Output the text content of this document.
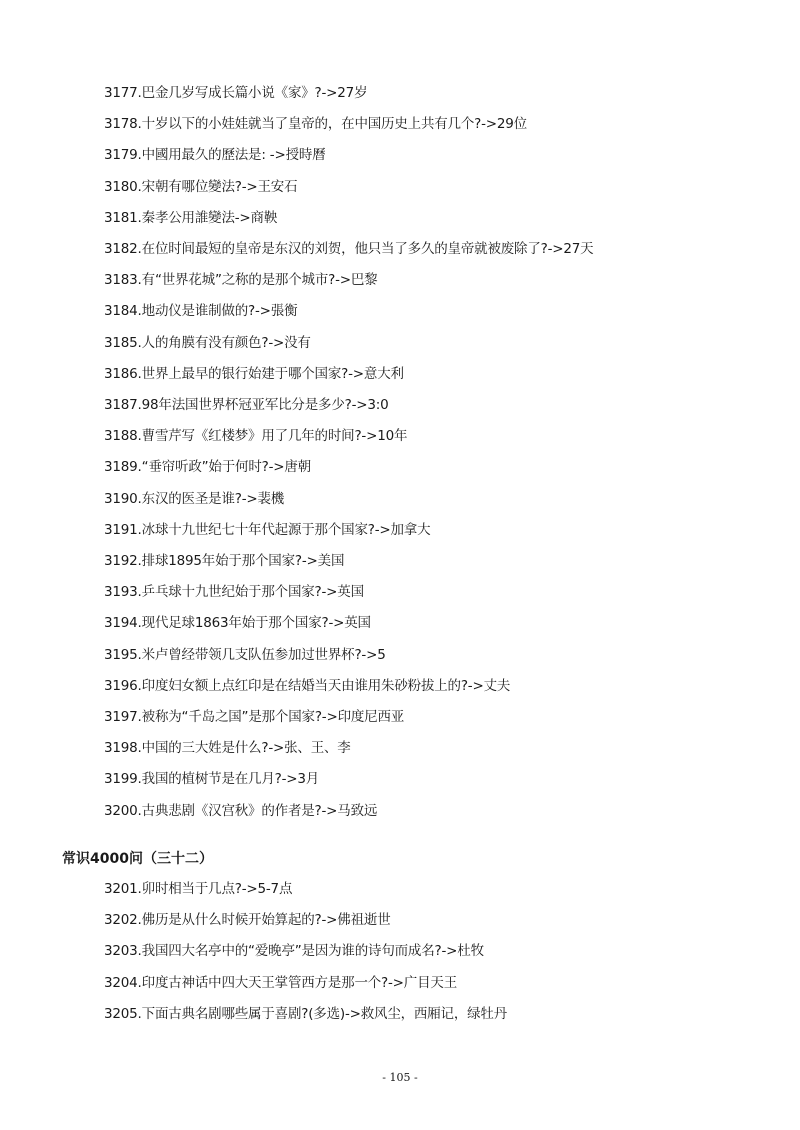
3177.巴金几岁写成长篇小说《家》?->27岁
3178.十岁以下的小娃娃就当了皇帝的，在中国历史上共有几个?->29位
3179.中國用最久的歷法是: ->授時曆
3180.宋朝有哪位變法?->王安石
3181.秦孝公用誰變法->商鞅
3182.在位时间最短的皇帝是东汉的刘贺，他只当了多久的皇帝就被废除了?->27天
3183.有“世界花城”之称的是那个城市?->巴黎
3184.地动仪是谁制做的?->張衡
3185.人的角膜有没有颜色?->没有
3186.世界上最早的银行始建于哪个国家?->意大利
3187.98年法国世界杯冠亚军比分是多少?->3:0
3188.曹雪芹写《红楼梦》用了几年的时间?->10年
3189.“垂帘听政”始于何时?->唐朝
3190.东汉的医圣是谁?->裴機
3191.冰球十九世纪七十年代起源于那个国家?->加拿大
3192.排球1895年始于那个国家?->美国
3193.乒乓球十九世纪始于那个国家?->英国
3194.现代足球1863年始于那个国家?->英国
3195.米卢曾经带领几支队伍参加过世界杯?->5
3196.印度妇女额上点红印是在结婚当天由谁用朱砂粉拔上的?->丈夫
3197.被称为“千岛之国”是那个国家?->印度尼西亚
3198.中国的三大姓是什么?->张、王、李
3199.我国的植树节是在几月?->3月
3200.古典悲剧《汉宫秋》的作者是?->马致远
常识4000问（三十二）
3201.卯时相当于几点?->5-7点
3202.佛历是从什么时候开始算起的?->佛祖逝世
3203.我国四大名亭中的“爱晚亭”是因为谁的诗句而成名?->杜牧
3204.印度古神话中四大天王掌管西方是那一个?->广目天王
3205.下面古典名剧哪些属于喜剧?(多选)->救风尘，西厢记，绿牡丹
- 105 -
